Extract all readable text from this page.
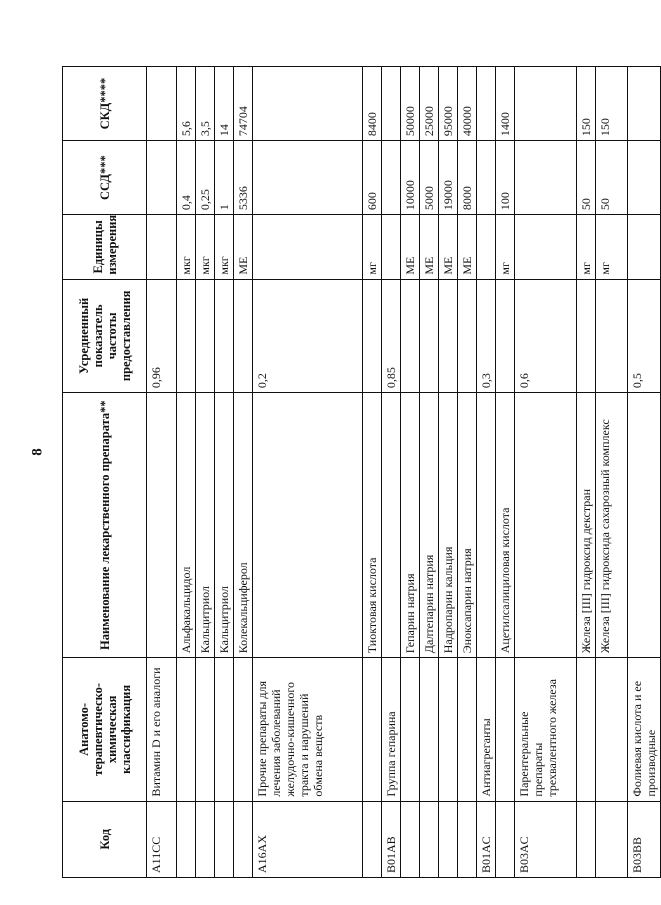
8
Код	Анатомо-терапевтическо-химическая классификация	Наименование лекарственного препарата**	Усредненный показатель частоты предоставления	Единицы измерения	ССД***	СКД****
A11CC	Витамин D и его аналоги		0,96			
		Альфакальцидол		мкг	0,4	5,6
		Кальцитриол		мкг	0,25	3,5
		Кальцитриол		мкг	1	14
		Колекальциферол		МЕ	5336	74704
A16AX	Прочие препараты для лечения заболеваний желудочно-кишечного тракта и нарушений обмена веществ		0,2			
		Тиоктовая кислота		мг	600	8400
B01AB	Группа гепарина		0,85			
		Гепарин натрия		МЕ	10000	50000
		Далтепарин натрия		МЕ	5000	25000
		Надропарин кальция		МЕ	19000	95000
		Эноксапарин натрия		МЕ	8000	40000
B01AC	Антиагреганты		0,3			
		Ацетилсалициловая кислота		мг	100	1400
B03AC	Парентеральные препараты трехвалентного железа		0,6			
		Железа [III] гидроксид декстран		мг	50	150
		Железа [III] гидроксида сахарозный комплекс		мг	50	150
B03BB	Фолиевая кислота и ее производные		0,5			
